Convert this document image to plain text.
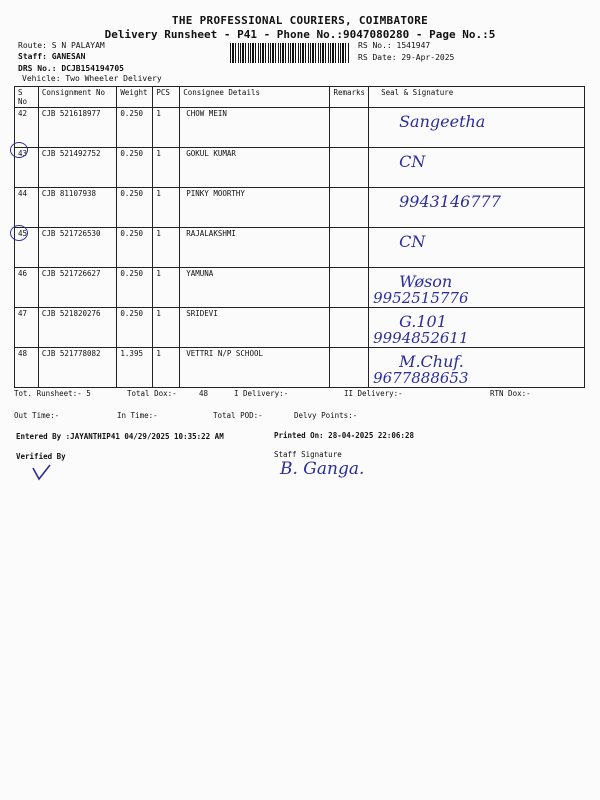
THE PROFESSIONAL COURIERS, COIMBATORE
Delivery Runsheet - P41 - Phone No.:9047080280 - Page No.:5
Route: S N PALAYAM
Staff: GANESAN
DRS No.: DCJB154194705
Vehicle: Two Wheeler Delivery
RS No.: 1541947
RS Date: 29-Apr-2025
S No	Consignment No	Weight	PCS	Consignee Details	Remarks	Seal & Signature
42	CJB 521618977	0.250	1	CHOW MEIN		Sangeetha

43	CJB 521492752	0.250	1	GOKUL KUMAR		CN

44	CJB 81107938	0.250	1	PINKY MOORTHY		9943146777

45	CJB 521726530	0.250	1	RAJALAKSHMI		CN

46	CJB 521726627	0.250	1	YAMUNA		Wøson
9952515776

47	CJB 521820276	0.250	1	SRIDEVI		G.101
9994852611

48	CJB 521778082	1.395	1	VETTRI N/P SCHOOL		M.Chuf.
9677888653
Tot. Runsheet:- 5	Total Dox:-	48	I Delivery:-	II Delivery:-	RTN Dox:-
Out Time:-	In Time:-	Total POD:-	Delvy Points:-
Entered By :JAYANTHIP41 04/29/2025 10:35:22 AM	Printed On: 28-04-2025 22:06:28
Verified By	Staff Signature
B. Ganga.
